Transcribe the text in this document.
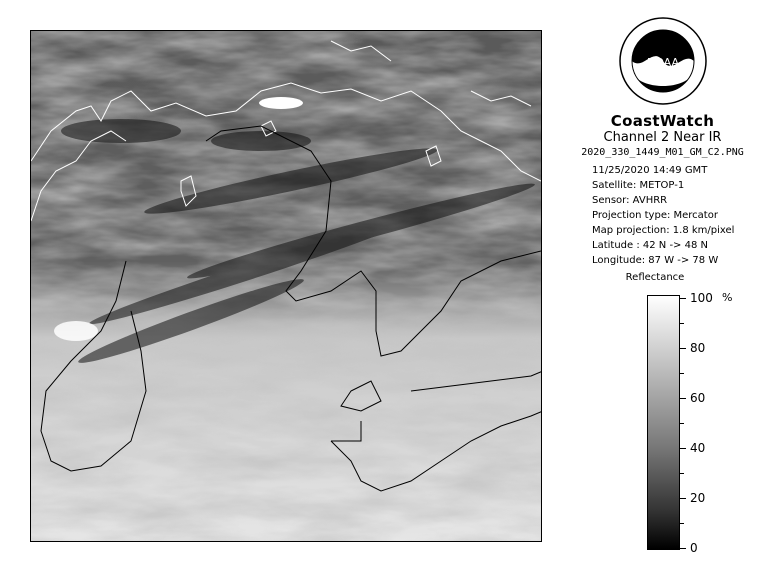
NOAA
CoastWatch
Channel 2 Near IR
2020_330_1449_M01_GM_C2.PNG
11/25/2020 14:49 GMT
Satellite: METOP-1
Sensor: AVHRR
Projection type: Mercator
Map projection: 1.8 km/pixel
Latitude : 42 N -> 48 N
Longitude: 87 W -> 78 W
Reflectance
%
100
80
60
40
20
0
